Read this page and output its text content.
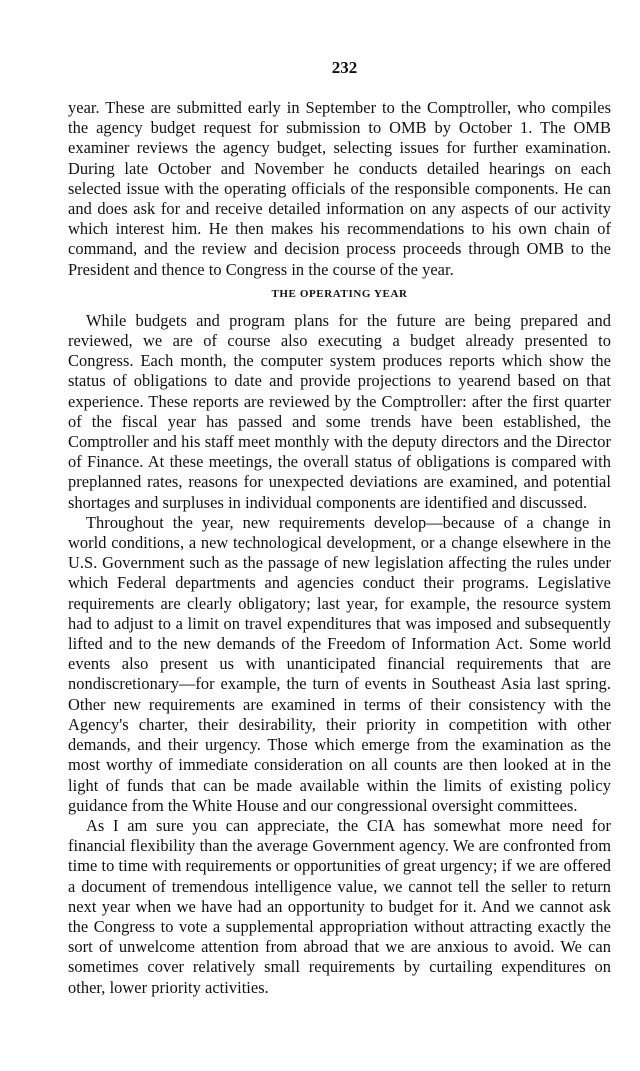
232

year. These are submitted early in September to the Comptroller, who compiles the agency budget request for submission to OMB by October 1. The OMB examiner reviews the agency budget, selecting issues for further examination. During late October and November he conducts detailed hearings on each selected issue with the operating officials of the responsible components. He can and does ask for and receive detailed information on any aspects of our activity which interest him. He then makes his recommendations to his own chain of command, and the review and decision process proceeds through OMB to the President and thence to Congress in the course of the year.

THE OPERATING YEAR

While budgets and program plans for the future are being prepared and reviewed, we are of course also executing a budget already presented to Congress. Each month, the computer system produces reports which show the status of obligations to date and provide projections to yearend based on that experience. These reports are reviewed by the Comptroller: after the first quarter of the fiscal year has passed and some trends have been established, the Comptroller and his staff meet monthly with the deputy directors and the Director of Finance. At these meetings, the overall status of obligations is compared with preplanned rates, reasons for unexpected deviations are examined, and potential shortages and surpluses in individual components are identified and discussed.

Throughout the year, new requirements develop—because of a change in world conditions, a new technological development, or a change elsewhere in the U.S. Government such as the passage of new legislation affecting the rules under which Federal departments and agencies conduct their programs. Legislative requirements are clearly obligatory; last year, for example, the resource system had to adjust to a limit on travel expenditures that was imposed and subsequently lifted and to the new demands of the Freedom of Information Act. Some world events also present us with unanticipated financial requirements that are nondiscretionary—for example, the turn of events in Southeast Asia last spring. Other new requirements are examined in terms of their consistency with the Agency's charter, their desirability, their priority in competition with other demands, and their urgency. Those which emerge from the examination as the most worthy of immediate consideration on all counts are then looked at in the light of funds that can be made available within the limits of existing policy guidance from the White House and our congressional oversight committees.

As I am sure you can appreciate, the CIA has somewhat more need for financial flexibility than the average Government agency. We are confronted from time to time with requirements or opportunities of great urgency; if we are offered a document of tremendous intelligence value, we cannot tell the seller to return next year when we have had an opportunity to budget for it. And we cannot ask the Congress to vote a supplemental appropriation without attracting exactly the sort of unwelcome attention from abroad that we are anxious to avoid. We can sometimes cover relatively small requirements by curtailing expenditures on other, lower priority activities.
